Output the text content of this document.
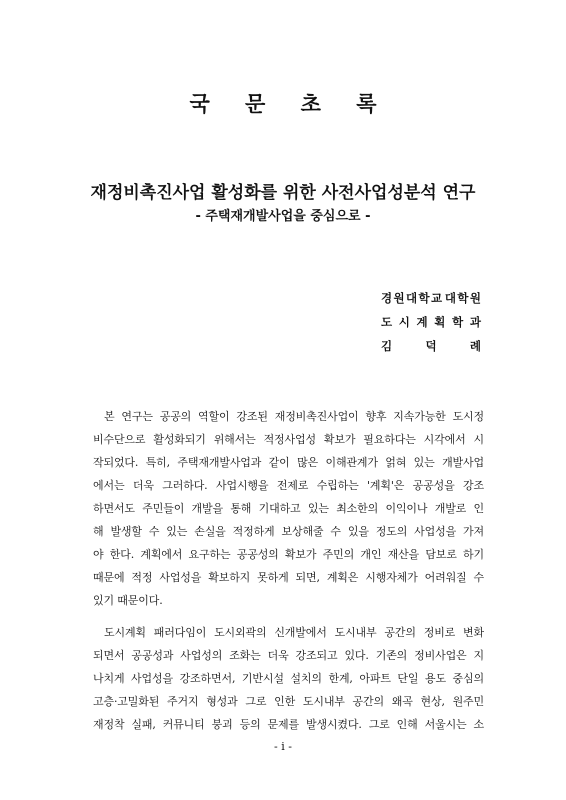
국 문 초 록
재정비촉진사업 활성화를 위한 사전사업성분석 연구
- 주택재개발사업을 중심으로 -
경 원 대 학 교 대 학 원
도 시 계 획 학 과
김	덕	례

본 연구는 공공의 역할이 강조된 재정비촉진사업이 향후 지속가능한 도시정
비수단으로 활성화되기 위해서는 적정사업성 확보가 필요하다는 시각에서 시
작되었다. 특히, 주택재개발사업과 같이 많은 이해관계가 얽혀 있는 개발사업
에서는 더욱 그러하다. 사업시행을 전제로 수립하는 '계획'은 공공성을 강조
하면서도 주민들이 개발을 통해 기대하고 있는 최소한의 이익이나 개발로 인
해 발생할 수 있는 손실을 적정하게 보상해줄 수 있을 정도의 사업성을 가져
야 한다. 계획에서 요구하는 공공성의 확보가 주민의 개인 재산을 담보로 하기
때문에 적정 사업성을 확보하지 못하게 되면, 계획은 시행자체가 어려워질 수
있기 때문이다.

도시계획 패러다임이 도시외곽의 신개발에서 도시내부 공간의 정비로 변화
되면서 공공성과 사업성의 조화는 더욱 강조되고 있다. 기존의 정비사업은 지
나치게 사업성을 강조하면서, 기반시설 설치의 한계, 아파트 단일 용도 중심의
고층·고밀화된 주거지 형성과 그로 인한 도시내부 공간의 왜곡 현상, 원주민
재정착 실패, 커뮤니티 붕괴 등의 문제를 발생시켰다. 그로 인해 서울시는 소

- i -
